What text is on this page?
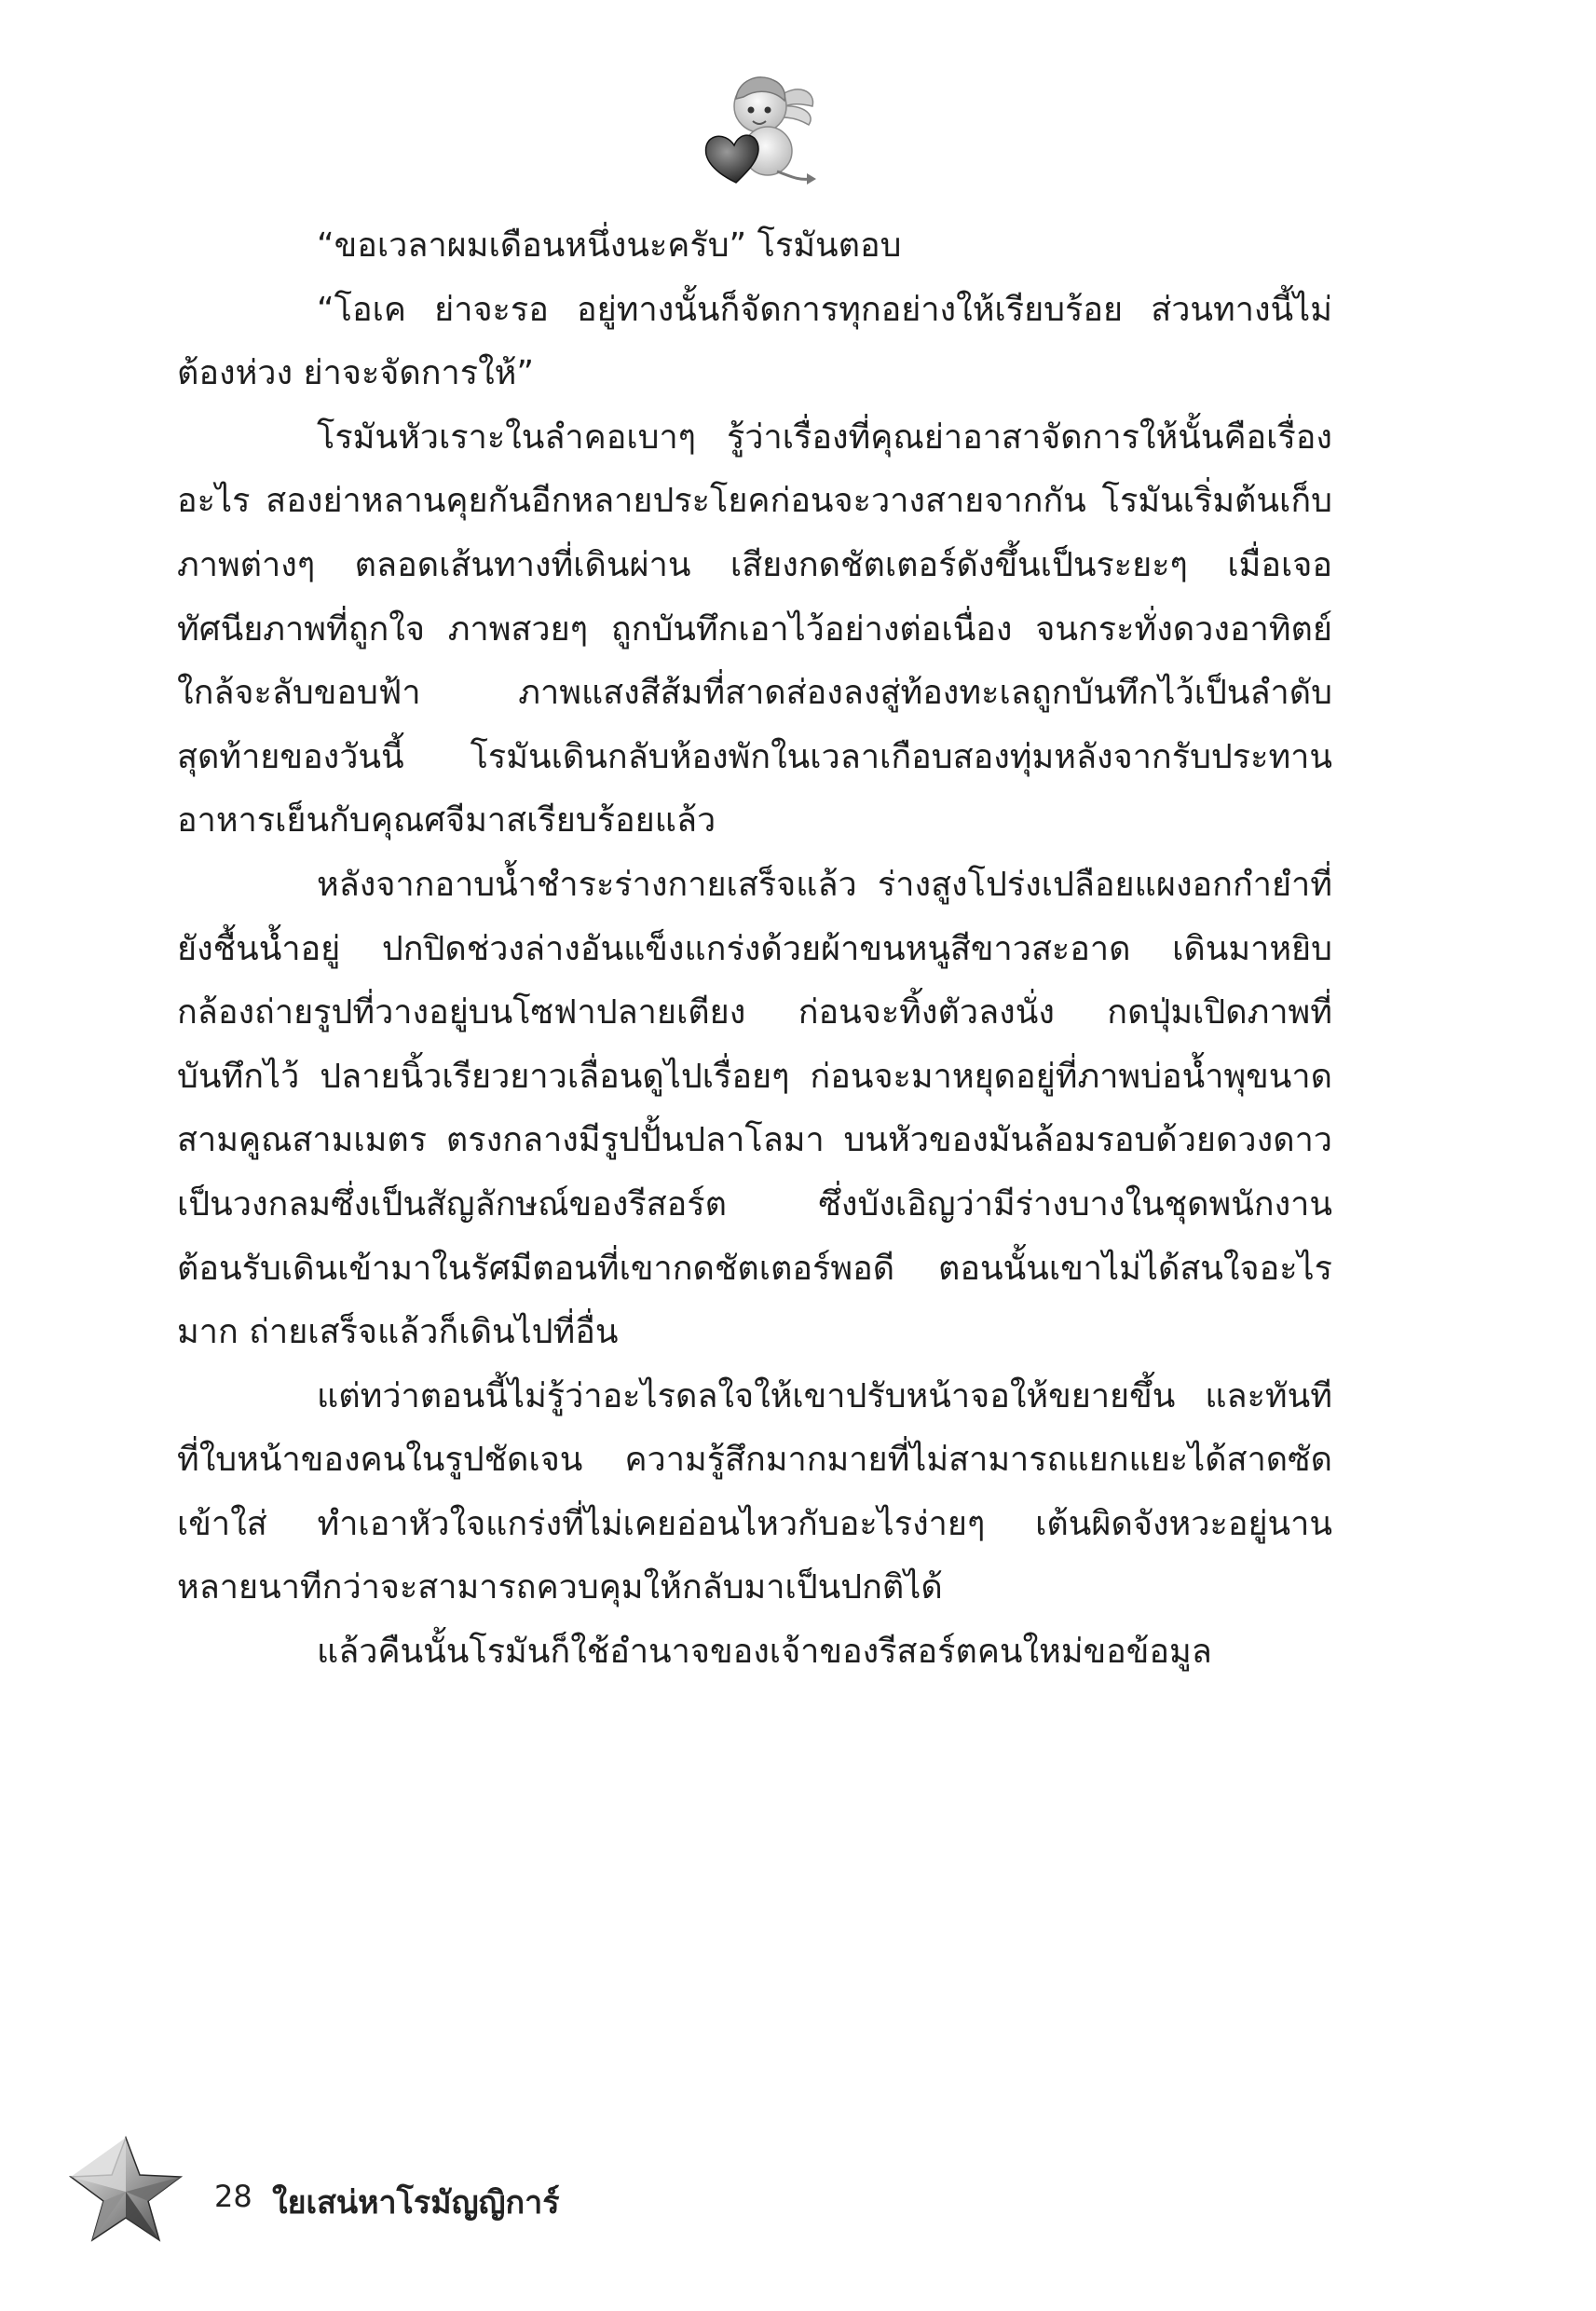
“ขอเวลาผมเดือนหนึ่งนะครับ” โรมันตอบ

“โอเค ย่าจะรอ อยู่ทางนั้นก็จัดการทุกอย่างให้เรียบร้อย ส่วนทางนี้ไม่ต้องห่วง ย่าจะจัดการให้”

โรมันหัวเราะในลำคอเบาๆ รู้ว่าเรื่องที่คุณย่าอาสาจัดการให้นั้นคือเรื่องอะไร สองย่าหลานคุยกันอีกหลายประโยคก่อนจะวางสายจากกัน โรมันเริ่มต้นเก็บภาพต่างๆ ตลอดเส้นทางที่เดินผ่าน เสียงกดชัตเตอร์ดังขึ้นเป็นระยะๆ เมื่อเจอทัศนียภาพที่ถูกใจ ภาพสวยๆ ถูกบันทึกเอาไว้อย่างต่อเนื่อง จนกระทั่งดวงอาทิตย์ใกล้จะลับขอบฟ้า ภาพแสงสีส้มที่สาดส่องลงสู่ท้องทะเลถูกบันทึกไว้เป็นลำดับสุดท้ายของวันนี้ โรมันเดินกลับห้องพักในเวลาเกือบสองทุ่มหลังจากรับประทานอาหารเย็นกับคุณศจีมาสเรียบร้อยแล้ว

หลังจากอาบน้ำชำระร่างกายเสร็จแล้ว ร่างสูงโปร่งเปลือยแผงอกกำยำที่ยังชื้นน้ำอยู่ ปกปิดช่วงล่างอันแข็งแกร่งด้วยผ้าขนหนูสีขาวสะอาด เดินมาหยิบกล้องถ่ายรูปที่วางอยู่บนโซฟาปลายเตียง ก่อนจะทิ้งตัวลงนั่ง กดปุ่มเปิดภาพที่บันทึกไว้ ปลายนิ้วเรียวยาวเลื่อนดูไปเรื่อยๆ ก่อนจะมาหยุดอยู่ที่ภาพบ่อน้ำพุขนาดสามคูณสามเมตร ตรงกลางมีรูปปั้นปลาโลมา บนหัวของมันล้อมรอบด้วยดวงดาวเป็นวงกลมซึ่งเป็นสัญลักษณ์ของรีสอร์ต ซึ่งบังเอิญว่ามีร่างบางในชุดพนักงานต้อนรับเดินเข้ามาในรัศมีตอนที่เขากดชัตเตอร์พอดี ตอนนั้นเขาไม่ได้สนใจอะไรมาก ถ่ายเสร็จแล้วก็เดินไปที่อื่น

แต่ทว่าตอนนี้ไม่รู้ว่าอะไรดลใจให้เขาปรับหน้าจอให้ขยายขึ้น และทันทีที่ใบหน้าของคนในรูปชัดเจน ความรู้สึกมากมายที่ไม่สามารถแยกแยะได้สาดซัดเข้าใส่ ทำเอาหัวใจแกร่งที่ไม่เคยอ่อนไหวกับอะไรง่ายๆ เต้นผิดจังหวะอยู่นานหลายนาทีกว่าจะสามารถควบคุมให้กลับมาเป็นปกติได้

แล้วคืนนั้นโรมันก็ใช้อำนาจของเจ้าของรีสอร์ตคนใหม่ขอข้อมูล

28 ใยเสน่หาโรมัญญิการ์
